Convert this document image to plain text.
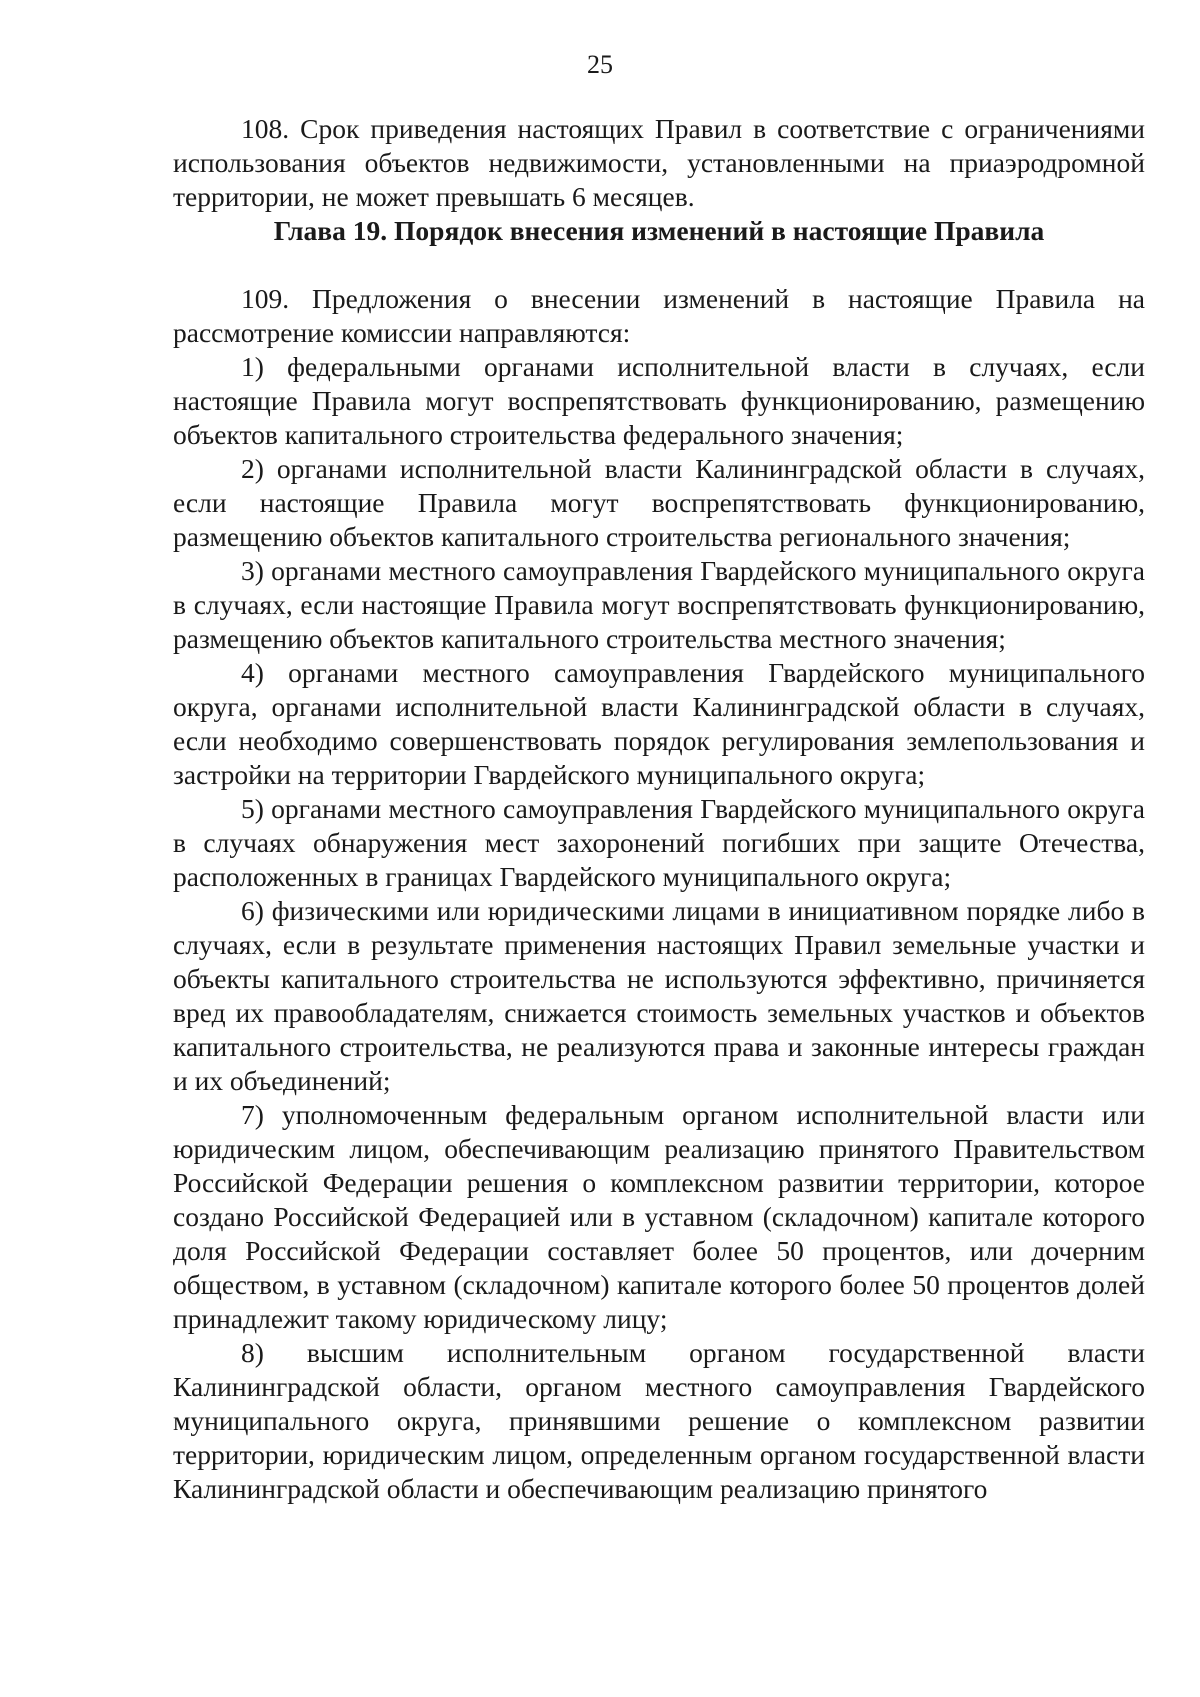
25

108. Срок приведения настоящих Правил в соответствие с ограничениями использования объектов недвижимости, установленными на приаэродромной территории, не может превышать 6 месяцев.

Глава 19. Порядок внесения изменений в настоящие Правила

109. Предложения о внесении изменений в настоящие Правила на рассмотрение комиссии направляются:

1) федеральными органами исполнительной власти в случаях, если настоящие Правила могут воспрепятствовать функционированию, размещению объектов капитального строительства федерального значения;

2) органами исполнительной власти Калининградской области в случаях, если настоящие Правила могут воспрепятствовать функционированию, размещению объектов капитального строительства регионального значения;

3) органами местного самоуправления Гвардейского муниципального округа в случаях, если настоящие Правила могут воспрепятствовать функционированию, размещению объектов капитального строительства местного значения;

4) органами местного самоуправления Гвардейского муниципального округа, органами исполнительной власти Калининградской области в случаях, если необходимо совершенствовать порядок регулирования землепользования и застройки на территории Гвардейского муниципального округа;

5) органами местного самоуправления Гвардейского муниципального округа в случаях обнаружения мест захоронений погибших при защите Отечества, расположенных в границах Гвардейского муниципального округа;

6) физическими или юридическими лицами в инициативном порядке либо в случаях, если в результате применения настоящих Правил земельные участки и объекты капитального строительства не используются эффективно, причиняется вред их правообладателям, снижается стоимость земельных участков и объектов капитального строительства, не реализуются права и законные интересы граждан и их объединений;

7) уполномоченным федеральным органом исполнительной власти или юридическим лицом, обеспечивающим реализацию принятого Правительством Российской Федерации решения о комплексном развитии территории, которое создано Российской Федерацией или в уставном (складочном) капитале которого доля Российской Федерации составляет более 50 процентов, или дочерним обществом, в уставном (складочном) капитале которого более 50 процентов долей принадлежит такому юридическому лицу;

8) высшим исполнительным органом государственной власти Калининградской области, органом местного самоуправления Гвардейского муниципального округа, принявшими решение о комплексном развитии территории, юридическим лицом, определенным органом государственной власти Калининградской области и обеспечивающим реализацию принятого
